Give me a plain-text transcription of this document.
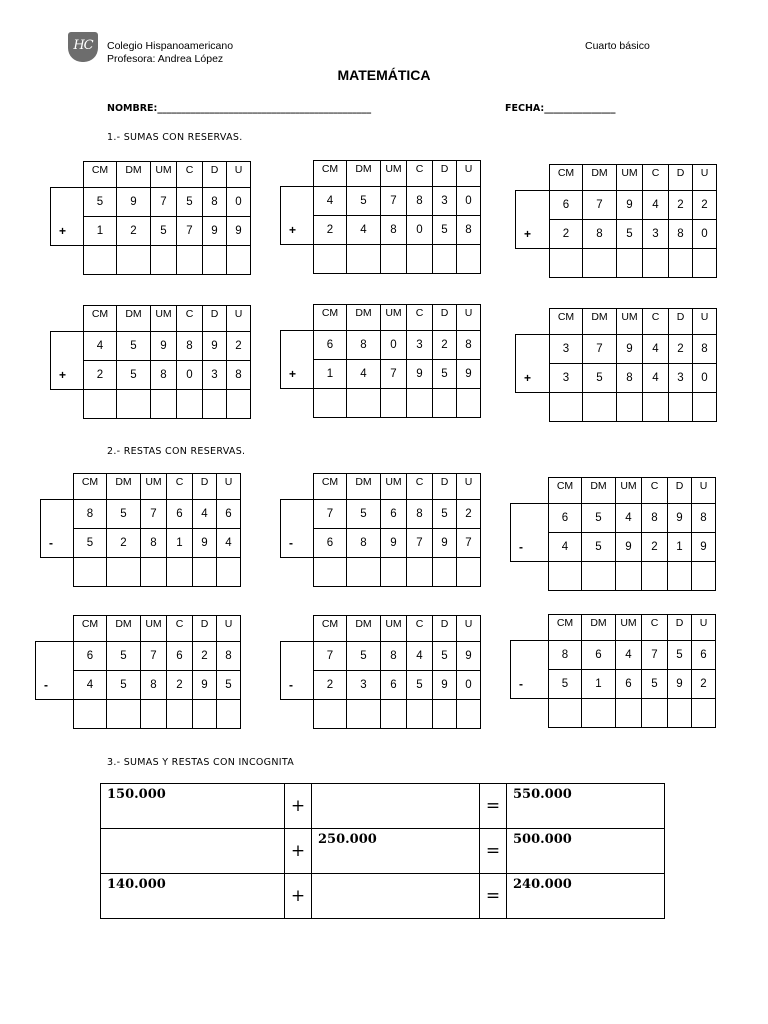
HC	Colegio Hispanoamericano
Profesora: Andrea López
Cuarto básico
MATEMÁTICA
NOMBRE:_____________________________________________	FECHA:_______________
1.- SUMAS CON RESERVAS.
2.- RESTAS CON RESERVAS.
3.- SUMAS Y RESTAS CON INCOGNITA
	CM	DM	UM	C	D	U
	5	9	7	5	8	0
+	1	2	5	7	9	9

	CM	DM	UM	C	D	U
	4	5	7	8	3	0
+	2	4	8	0	5	8

	CM	DM	UM	C	D	U
	6	7	9	4	2	2
+	2	8	5	3	8	0

	CM	DM	UM	C	D	U
	4	5	9	8	9	2
+	2	5	8	0	3	8

	CM	DM	UM	C	D	U
	6	8	0	3	2	8
+	1	4	7	9	5	9

	CM	DM	UM	C	D	U
	3	7	9	4	2	8
+	3	5	8	4	3	0

	CM	DM	UM	C	D	U
	8	5	7	6	4	6
-	5	2	8	1	9	4

	CM	DM	UM	C	D	U
	7	5	6	8	5	2
-	6	8	9	7	9	7

	CM	DM	UM	C	D	U
	6	5	4	8	9	8
-	4	5	9	2	1	9

	CM	DM	UM	C	D	U
	6	5	7	6	2	8
-	4	5	8	2	9	5

	CM	DM	UM	C	D	U
	7	5	8	4	5	9
-	2	3	6	5	9	0

	CM	DM	UM	C	D	U
	8	6	4	7	5	6
-	5	1	6	5	9	2

150.000	+		=	550.000
	+	250.000	=	500.000
140.000	+		=	240.000
